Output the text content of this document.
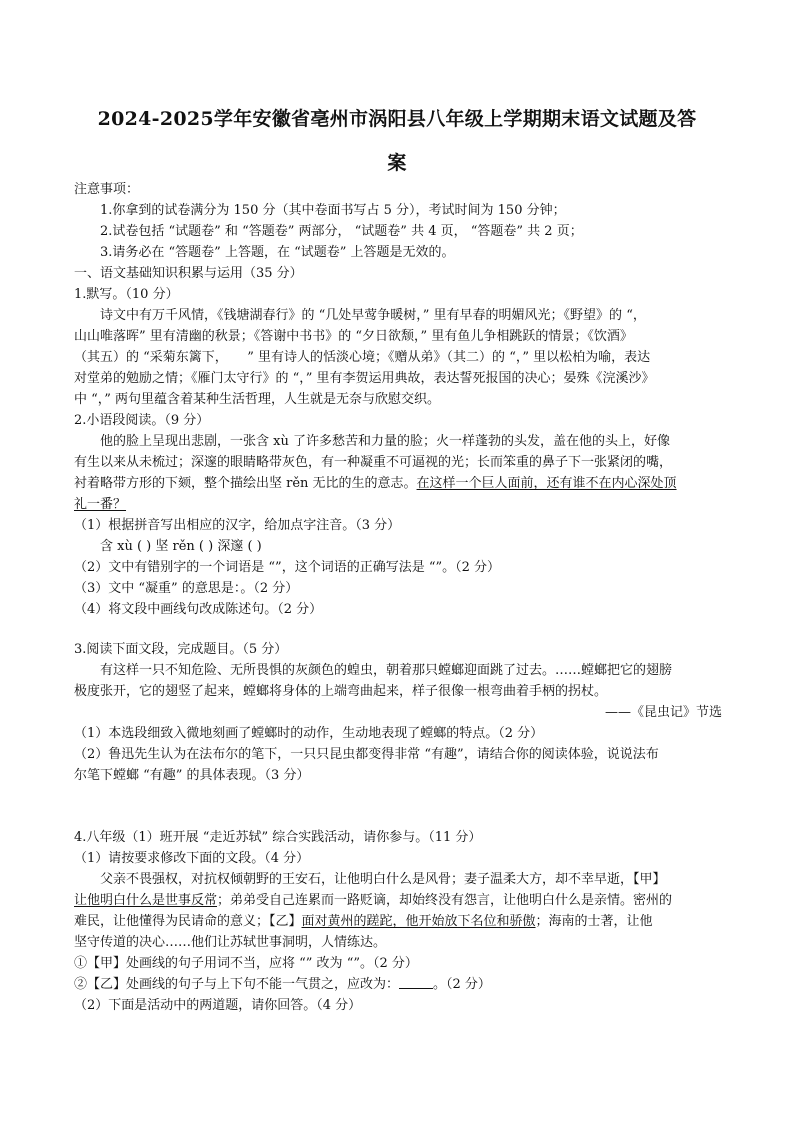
2024-2025学年安徽省亳州市涡阳县八年级上学期期末语文试题及答
案
注意事项：
1.你拿到的试卷满分为 150 分（其中卷面书写占 5 分），考试时间为 150 分钟；
2.试卷包括 “试题卷” 和 “答题卷” 两部分， “试题卷” 共 4 页， “答题卷” 共 2 页；
3.请务必在 “答题卷” 上答题，在 “试题卷” 上答题是无效的。
一、语文基础知识积累与运用（35 分）
1.默写。（10 分）
诗文中有万千风情，《钱塘湖春行》的 “几处早莺争暖树，” 里有早春的明媚风光；《野望》的 “，
山山唯落晖” 里有清幽的秋景；《答谢中书书》的 “夕日欲颓，” 里有鱼儿争相跳跃的情景；《饮酒》
（其五）的 “采菊东篱下，　　” 里有诗人的恬淡心境；《赠从弟》（其二）的 “，” 里以松柏为喻，表达
对堂弟的勉励之情；《雁门太守行》的 “，” 里有李贺运用典故，表达誓死报国的决心；晏殊《浣溪沙》
中 “，” 两句里蕴含着某种生活哲理，人生就是无奈与欣慰交织。
2.小语段阅读。（9 分）
他的脸上呈现出悲剧，一张含 xù 了许多愁苦和力量的脸；火一样蓬勃的头发，盖在他的头上，好像
有生以来从未梳过；深邃的眼睛略带灰色，有一种凝重不可逼视的光；长而笨重的鼻子下一张紧闭的嘴，
衬着略带方形的下颏，整个描绘出坚 rěn 无比的生的意志。在这样一个巨人面前，还有谁不在内心深处顶
礼一番？
（1）根据拼音写出相应的汉字，给加点字注音。（3 分）
含 xù ( ) 坚 rěn ( ) 深邃 ( )
（2）文中有错别字的一个词语是 “”，这个词语的正确写法是 “”。（2 分）
（3）文中 “凝重” 的意思是：。（2 分）
（4）将文段中画线句改成陈述句。（2 分）
3.阅读下面文段，完成题目。（5 分）
有这样一只不知危险、无所畏惧的灰颜色的蝗虫，朝着那只螳螂迎面跳了过去。……螳螂把它的翅膀
极度张开，它的翅竖了起来，螳螂将身体的上端弯曲起来，样子很像一根弯曲着手柄的拐杖。
——《昆虫记》节选
（1）本选段细致入微地刻画了螳螂时的动作，生动地表现了螳螂的特点。（2 分）
（2）鲁迅先生认为在法布尔的笔下，一只只昆虫都变得非常 “有趣”，请结合你的阅读体验，说说法布
尔笔下螳螂 “有趣” 的具体表现。（3 分）
4.八年级（1）班开展 “走近苏轼” 综合实践活动，请你参与。（11 分）
（1）请按要求修改下面的文段。（4 分）
父亲不畏强权，对抗权倾朝野的王安石，让他明白什么是风骨；妻子温柔大方，却不幸早逝，【甲】
让他明白什么是世事反常；弟弟受自己连累而一路贬谪，却始终没有怨言，让他明白什么是亲情。密州的
难民，让他懂得为民请命的意义；【乙】面对黄州的蹉跎，他开始放下名位和骄傲；海南的士著，让他
坚守传道的决心……他们让苏轼世事洞明，人情练达。
①【甲】处画线的句子用词不当，应将 “” 改为 “”。（2 分）
②【乙】处画线的句子与上下句不能一气贯之，应改为：	。（2 分）
（2）下面是活动中的两道题，请你回答。（4 分）
